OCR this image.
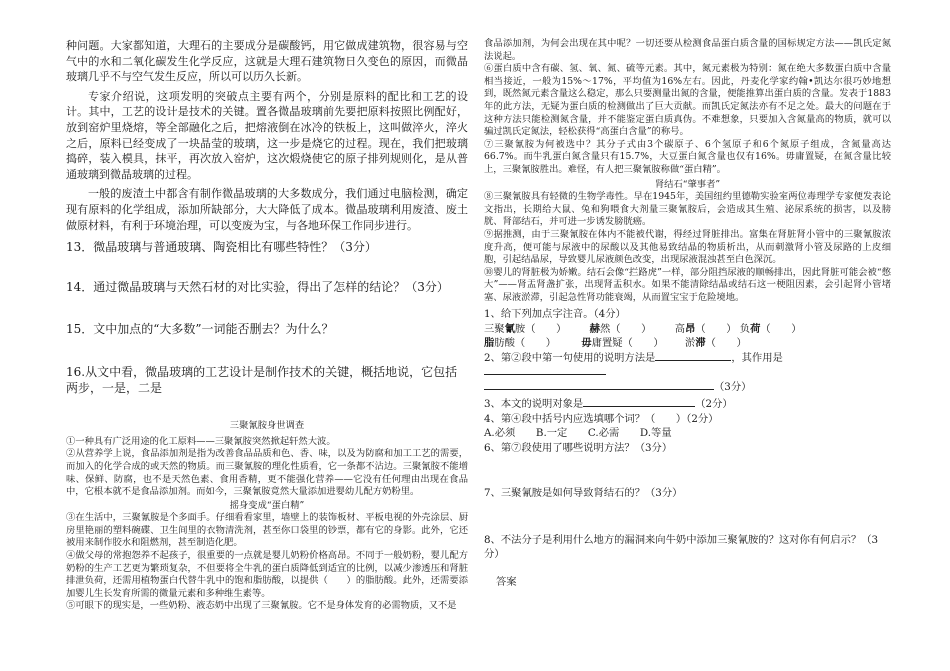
种问题。大家都知道，大理石的主要成分是碳酸钙，用它做成建筑物，很容易与空气中的水和二氧化碳发生化学反应，这就是大理石建筑物日久变色的原因，而微晶玻璃几乎不与空气发生反应，所以可以历久长新。

专家介绍说，这项发明的突破点主要有两个，分别是原料的配比和工艺的设计。其中，工艺的设计是技术的关键。置各微晶玻璃前先要把原料按照比例配好，放到窑炉里烧熔，等全部融化之后，把熔液倒在冰冷的铁板上，这叫做淬火，淬火之后，原料已经变成了一块晶莹的玻璃，这一步是烧它的过程。现在，我们把玻璃捣碎，装入模具，抹平，再次放入窑炉，这次煅烧使它的原子排列规则化，是从普通玻璃到微晶玻璃的过程。

一般的废渣土中都含有制作微晶玻璃的大多数成分，我们通过电脑检测，确定现有原料的化学组成，添加所缺部分，大大降低了成本。微晶玻璃利用废渣、废土做原材料，有利于环境治理，可以变废为宝，与各地环保工作同步进行。

13．微晶玻璃与普通玻璃、陶瓷相比有哪些特性？（3分）

14．通过微晶玻璃与天然石材的对比实验，得出了怎样的结论？（3分）

15．文中加点的“大多数”一词能否删去？为什么？

16.从文中看，微晶玻璃的工艺设计是制作技术的关键，概括地说，它包括两步，一是，二是

三聚氰胺身世调查

①一种具有广泛用途的化工原料——三聚氰胺突然掀起轩然大波。

②从营养学上说，食品添加剂是指为改善食品品质和色、香、味，以及为防腐和加工工艺的需要，而加入的化学合成的或天然的物质。而三聚氰胺的理化性质看，它一条都不沾边。三聚氰胺不能增味、保鲜、防腐，也不是天然色素、食用香精，更不能强化营养——它没有任何理由出现在食品中，它根本就不是食品添加剂。而如今，三聚氰胺竟然大量添加进婴幼儿配方奶粉里。

摇身变成“蛋白精”

③在生活中，三聚氰胺是个多面手。仔细看看家里，墙壁上的装饰板材、平板电视的外壳涂层、厨房里艳丽的塑料碗碟、卫生间里的衣物清洗剂，甚至你口袋里的钞票，都有它的身影。此外，它还被用来制作胶水和阻燃剂，甚至制造化肥。

④做父母的常抱怨养不起孩子，很重要的一点就是婴儿奶粉价格高昂。不同于一般奶粉，婴儿配方奶粉的生产工艺更为繁琐复杂，不但要将全牛乳的蛋白质降低到适宜的比例，以减少渗透压和肾脏排泄负荷，还需用植物蛋白代替牛乳中的饱和脂肪酸，以提供（　　）的脂肪酸。此外，还需要添加婴儿生长发育所需的微量元素和多种维生素等。

⑤可眼下的现实是，一些奶粉、液态奶中出现了三聚氰胺。它不是身体发育的必需物质，又不是

食品添加剂，为何会出现在其中呢？一切还要从检测食品蛋白质含量的国标规定方法——凯氏定氮法说起。

⑥蛋白质中含有碳、氢、氧、氮、硫等元素。其中，氮元素极为特别：氮在绝大多数蛋白质中含量相当接近，一般为15%～17%，平均值为16%左右。因此，丹麦化学家约翰•凯达尔很巧妙地想到，既然氮元素含量这么稳定，那么只要测量出氮的含量，便能推算出蛋白质的含量。发表于1883年的此方法，无疑为蛋白质的检测做出了巨大贡献。而凯氏定氮法亦有不足之处。最大的问题在于这种方法只能检测氮含量，并不能鉴定蛋白质真伪。不难想象，只要加入含氮量高的物质，就可以骗过凯氏定氮法，轻松获得“高蛋白含量”的称号。

⑦三聚氰胺为何被选中？其分子式由3个碳原子、6个氢原子和6个氮原子组成，含氮量高达66.7%。而牛乳蛋白氮含量只有15.7%，大豆蛋白氮含量也仅有16%。毋庸置疑，在氮含量比较上，三聚氰胺胜出。难怪，有人把三聚氰胺称做“蛋白精”。

肾结石“肇事者”

⑧三聚氰胺具有轻微的生物学毒性。早在1945年，美国纽约里德勒实验室两位毒理学专家便发表论文指出，长期给大鼠、兔和狗喂食大剂量三聚氰胺后，会造成其生殖、泌尿系统的损害，以及膀胱、肾部结石，并可进一步诱发膀胱癌。

⑨据推测，由于三聚氰胺在体内不能被代谢，得经过肾脏排出。富集在肾脏肾小管中的三聚氰胺浓度升高，便可能与尿液中的尿酸以及其他易致结晶的物质析出，从而刺激肾小管及尿路的上皮细胞，引起结晶尿，导致婴儿尿液颜色改变，出现尿液混浊甚至白色深沉。

⑩婴儿的肾脏极为娇嫩。结石会像“拦路虎”一样，部分阻挡尿液的顺畅排出，因此肾脏可能会被“憋大”——肾盂肾盏扩张，出现肾盂积水。如果不能清除结晶或结石这一梗阻因素，会引起肾小管堵塞、尿液淤滞，引起急性肾功能衰竭，从而置宝宝于危险境地。

1、给下列加点字注音。（4分）

三聚氰胺（　　） 赫然（　　） 高昂（　　） 负荷（　　）

脂肪酸（　　） 毋庸置疑（　　） 淤滞（　　）

2、第②段中第一句使用的说明方法是	，其作用是

（3分）

3、本文的说明对象是	（2分）

4、第④段中括号内应选填哪个词？（　　）（2分）

A.必须　　B.一定　　C.必需　　D.等量

6、第⑦段使用了哪些说明方法？（3分）

7、三聚氰胺是如何导致肾结石的？（3分）

8、不法分子是利用什么地方的漏洞来向牛奶中添加三聚氰胺的？这对你有何启示？（3分）

答案
